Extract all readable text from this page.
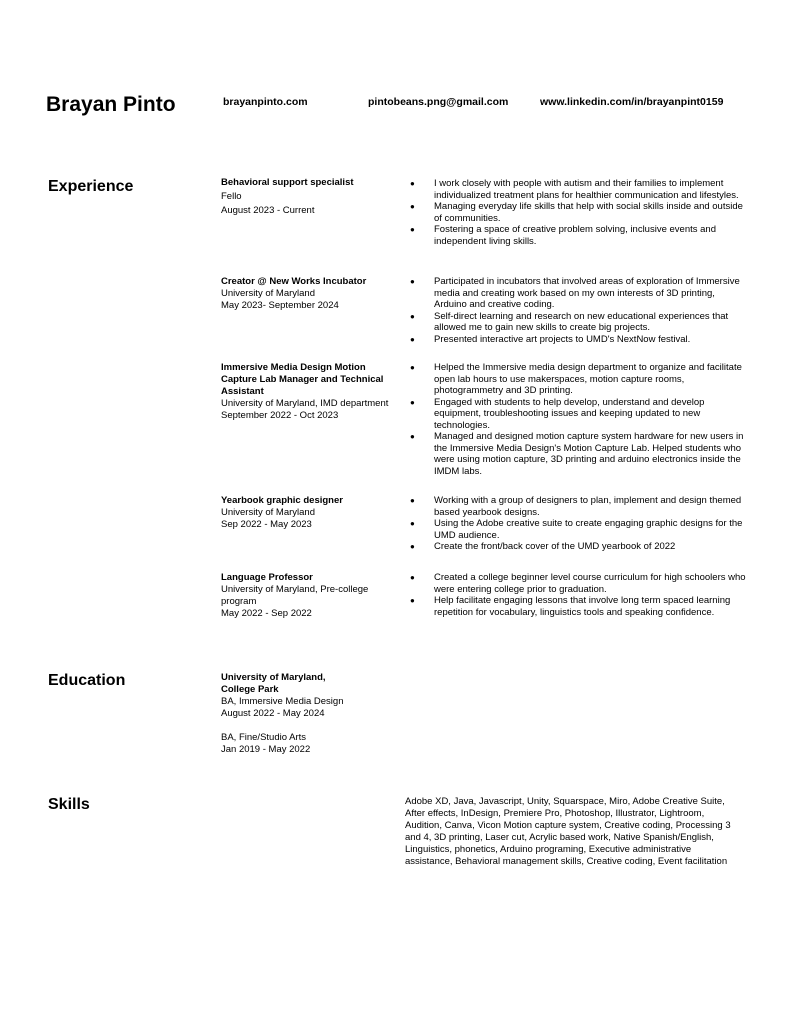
Brayan Pinto	brayanpinto.com	pintobeans.png@gmail.com	www.linkedin.com/in/brayanpint0159
Experience	Behavioral support specialist
Fello
August 2023 - Current
● I work closely with people with autism and their families to implement individualized treatment plans for healthier communication and lifestyles.
● Managing everyday life skills that help with social skills inside and outside of communities.
● Fostering a space of creative problem solving, inclusive events and independent living skills.
Creator @ New Works Incubator
University of Maryland
May 2023- September 2024
● Participated in incubators that involved areas of exploration of Immersive media and creating work based on my own interests of 3D printing, Arduino and creative coding.
● Self-direct learning and research on new educational experiences that allowed me to gain new skills to create big projects.
● Presented interactive art projects to UMD's NextNow festival.
Immersive Media Design Motion Capture Lab Manager and Technical Assistant
University of Maryland, IMD department
September 2022 - Oct 2023
● Helped the Immersive media design department to organize and facilitate open lab hours to use makerspaces, motion capture rooms, photogrammetry and 3D printing.
● Engaged with students to help develop, understand and develop equipment, troubleshooting issues and keeping updated to new technologies.
● Managed and designed motion capture system hardware for new users in the Immersive Media Design's Motion Capture Lab. Helped students who were using motion capture, 3D printing and arduino electronics inside the IMDM labs.
Yearbook graphic designer
University of Maryland
Sep 2022 - May 2023
● Working with a group of designers to plan, implement and design themed based yearbook designs.
● Using the Adobe creative suite to create engaging graphic designs for the UMD audience.
● Create the front/back cover of the UMD yearbook of 2022
Language Professor
University of Maryland, Pre-college program
May 2022 - Sep 2022
● Created a college beginner level course curriculum for high schoolers who were entering college prior to graduation.
● Help facilitate engaging lessons that involve long term spaced learning repetition for vocabulary, linguistics tools and speaking confidence.
Education	University of Maryland,
College Park
BA, Immersive Media Design
August 2022 - May 2024
BA, Fine/Studio Arts
Jan 2019 - May 2022
Skills	Adobe XD, Java, Javascript, Unity, Squarspace, Miro, Adobe Creative Suite, After effects, InDesign, Premiere Pro, Photoshop, Illustrator, Lightroom, Audition, Canva, Vicon Motion capture system, Creative coding, Processing 3 and 4, 3D printing, Laser cut, Acrylic based work, Native Spanish/English, Linguistics, phonetics, Arduino programing, Executive administrative assistance, Behavioral management skills, Creative coding, Event facilitation
